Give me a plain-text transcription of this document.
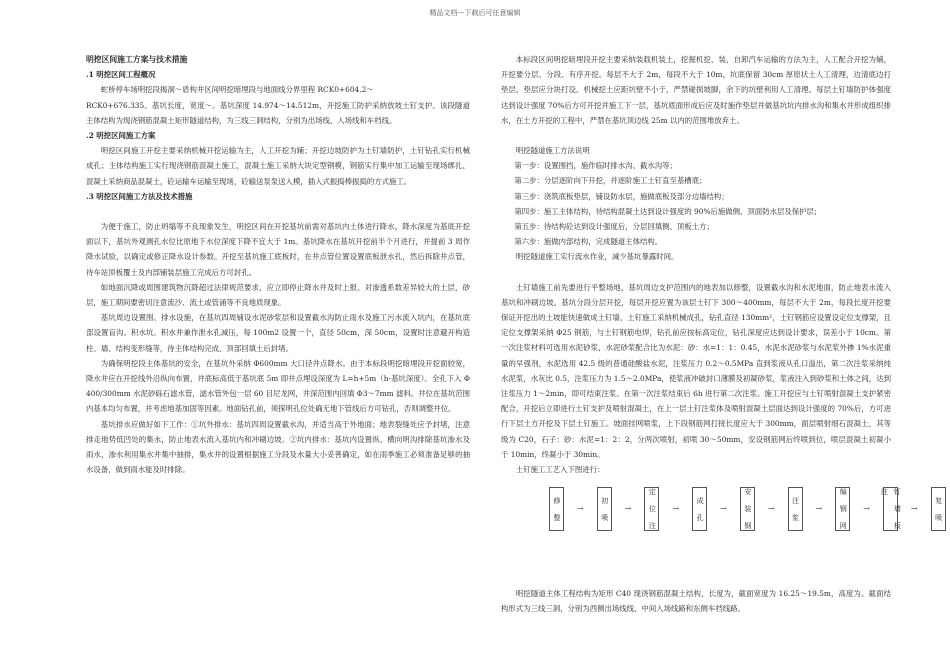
精品文档---下载后可任意编辑

明挖区间施工方案与技术措施

.1 明挖区间工程概况

蛇桥停车场明挖段揭洞～盾构井区间明挖暗埋段与地面线分界里程 RCK0+604.2～

RCK0+676.335。基坑长度，宽度～。基坑深度 14.974～14.512m，开挖施工防护采纳放坡土钉支护。该段隧道主体结构为现浇钢筋混凝土矩形隧道结构，为三线三洞结构，分别为出场线、入场线和车档线。

.2 明挖区间施工方案

明挖区间施工开挖主要采纳机械开挖运输为主，人工开挖为辅；开挖边坡防护为土钉墙防护，土钉钻孔实行机械成孔；主体结构施工实行现浇钢筋混凝土施工，混凝土施工采纳大块定型钢模，钢筋实行集中加工运输至现场绑扎，混凝土采纳商品混凝土，砼运输车运输至现场，砼输送泵泵送入模，插入式振捣棒振捣的方式施工。

.3 明挖区间施工方法及技术措施

为便于施工，防止坍塌等不良现象发生，明挖区间在开挖基坑前需对基坑内土体进行降水，降水深度为基底开挖面以下，基坑外观测孔水位比原地下水位深度下降不宜大于 1m。基坑降水在基坑开挖前半个月进行，并提前 3 周作降水试验，以确定或修正降水设计参数。开挖至基坑施工底板时，在井点管位置设置底板泄水孔，然后拆除井点管，待车站顶板覆土及内部铺装层施工完成后方可封孔。

如地面沉降或周围建筑物沉降超过法律规范要求，应立即停止降水并及时上报。对渗透系数差异较大的土层，砂层，施工期间要密切注意流沙、流土或管涌等不良地质现象。

基坑周边设置围、排水设施，在基坑四周铺设水泥砂浆层和设置截水沟防止雨水及施工污水流入坑内，在基坑底部设置盲沟、积水坑。积水井兼作泄水孔减压，每 100m2 设置一个，直径 50cm，深 50cm，设置时注意避开构造柱、墙、结构变形缝等，待主体结构完成、顶部回填土后封堵。

为确保明挖段主体基坑的安全，在基坑外采纳 Φ600mm 大口径井点降水。由于本标段明挖暗埋段开挖面较宽，降水井应在开挖线外沿纵向布置，井底标高低于基坑底 5m 即井点埋设深度为 L=h+5m（h-基坑深度）。全孔下入 Φ400/300mm 水泥砂砾石滤水管，滤水管外包一层 60 目尼龙网，井深范围内回填 Φ3～7mm 滤料。井位在基坑范围内基本均匀布置，并考虑地基加固等因素。地面钻孔前，须探明孔位处确无地下管线后方可钻孔，否则调整井位。

基坑排水应做好如下工作：①坑外排水：基坑四周设置截水沟，并适当高于外地面；地表裂缝处应予封堵，注意排走地势低凹处的集水，防止地表水流入基坑内和冲刷边坡。②坑内排水：基坑内设置纵、横向明沟排除基坑渗水及雨水，渗水利用集水井集中抽排，集水井的设置根据施工分段及水量大小妥善确定，如在雨季施工必须准备足够的抽水设备，做到雨水能及时排除。

本标段区间明挖暗埋段开挖主要采纳装载机装土，挖掘机挖、装，自卸汽车运输的方法为主，人工配合开挖为辅，开挖要分层、分段、有序开挖。每层不大于 2m，每段不大于 10m，坑底保留 30cm 厚原状土人工清理，边清底边打垫层，垫层应分块打设。机械挖土应距坑壁不小于，严禁碰损坡脚，余下的坑壁利用人工清理。每层土钉墙防护体强度达到设计强度 70%后方可开挖并施工下一层，基坑底面形成后应及时施作垫层并做基坑坑内排水沟和集水井形成组织排水，在土方开挖的工程中，严禁在基坑顶边线 25m 以内的范围堆放弃土。

明挖隧道施工方法说明

第一步：设置围挡，施作临时排水沟、截水沟等；

第二步：分层逐阶向下开挖，并逐阶施工土钉直至基槽底；

第三步：浇筑底板垫层，铺设防水层，施做底板及部分边墙结构；

第四步：施工主体结构，待结构混凝土达到设计强度的 90%后施做侧、顶面防水层及保护层；

第五步：待结构砼达到设计强度后，分层回填侧、顶板土方；

第六步：施做内部结构，完成隧道主体结构。

明挖隧道施工实行流水作业，减少基坑暴露时间。

土钉墙施工前先要进行平整场地，基坑周边支护范围内的地表加以修整，设置截水沟和水泥地面，防止地表水流入基坑和冲刷边坡。基坑分段分层开挖，每层开挖应置为该层土钉下 300～400mm，每层不大于 2m，每段长度开挖要保证开挖出的土坡能快速做成土钉墙，土钉施工采纳机械成孔，钻孔直径 130mm²，土钉钢筋应设置设定位支撑架，且定位支撑架采纳 Φ25 钢筋，与土钉钢筋电焊，钻孔前应按标高定位，钻孔深度应达到设计要求，误差小于 10cm。第一次注浆材料可选用水泥砂浆，水泥砂浆配合比为水泥：砂：水=1：1：0.45，水泥水泥砂浆与水泥浆外掺 1%水泥重量的早强剂，水泥选用 42.5 级的普通硅酸盐水泥，注浆压力 0.2～0.5MPa 直到浆液从孔口溢出，第二次注浆采纳纯水泥浆，水灰比 0.5，注浆压力为 1.5～2.0MPa，使浆液冲破封口薄膜及初凝砂浆，浆液注入到砂浆和土体之间，达到注浆压力 1～2min，即可结束注浆。在第一次注浆结束后 6h 进行第二次注浆。施工开挖应与土钉喷射混凝土支护紧密配合，开挖后立即进行土钉支护及喷射混凝土，在上一层土钉注浆体及喷射混凝土层面达到设计强度的 70%后，方可进行下层土方开挖及下层土钉施工。坡面挂网喷浆，上下段钢筋网打接长度应大于 300mm，面层喷射细石混凝土，其等级为 C20，石子：砂：水泥=1：2：2，分两次喷射，初喷 30～50mm，安设钢筋网后终喷到位，喷层混凝土初凝小于 10min，终凝小于 30min。

土钉施工工艺入下图进行：

修 整	→	初 喷	→	定 位 注	→	成 孔	→	安 装 钢	→	注 浆	→	编 钢 网	→	钉 墙 板 注
→	复 喷

明挖隧道主体工程结构为矩形 C40 现浇钢筋混凝土结构，长度为，截面宽度为 16.25～19.5m，高度为。截面结构形式为三线三洞，分别为西侧出场线线、中间入场线路和东侧车档线路。
